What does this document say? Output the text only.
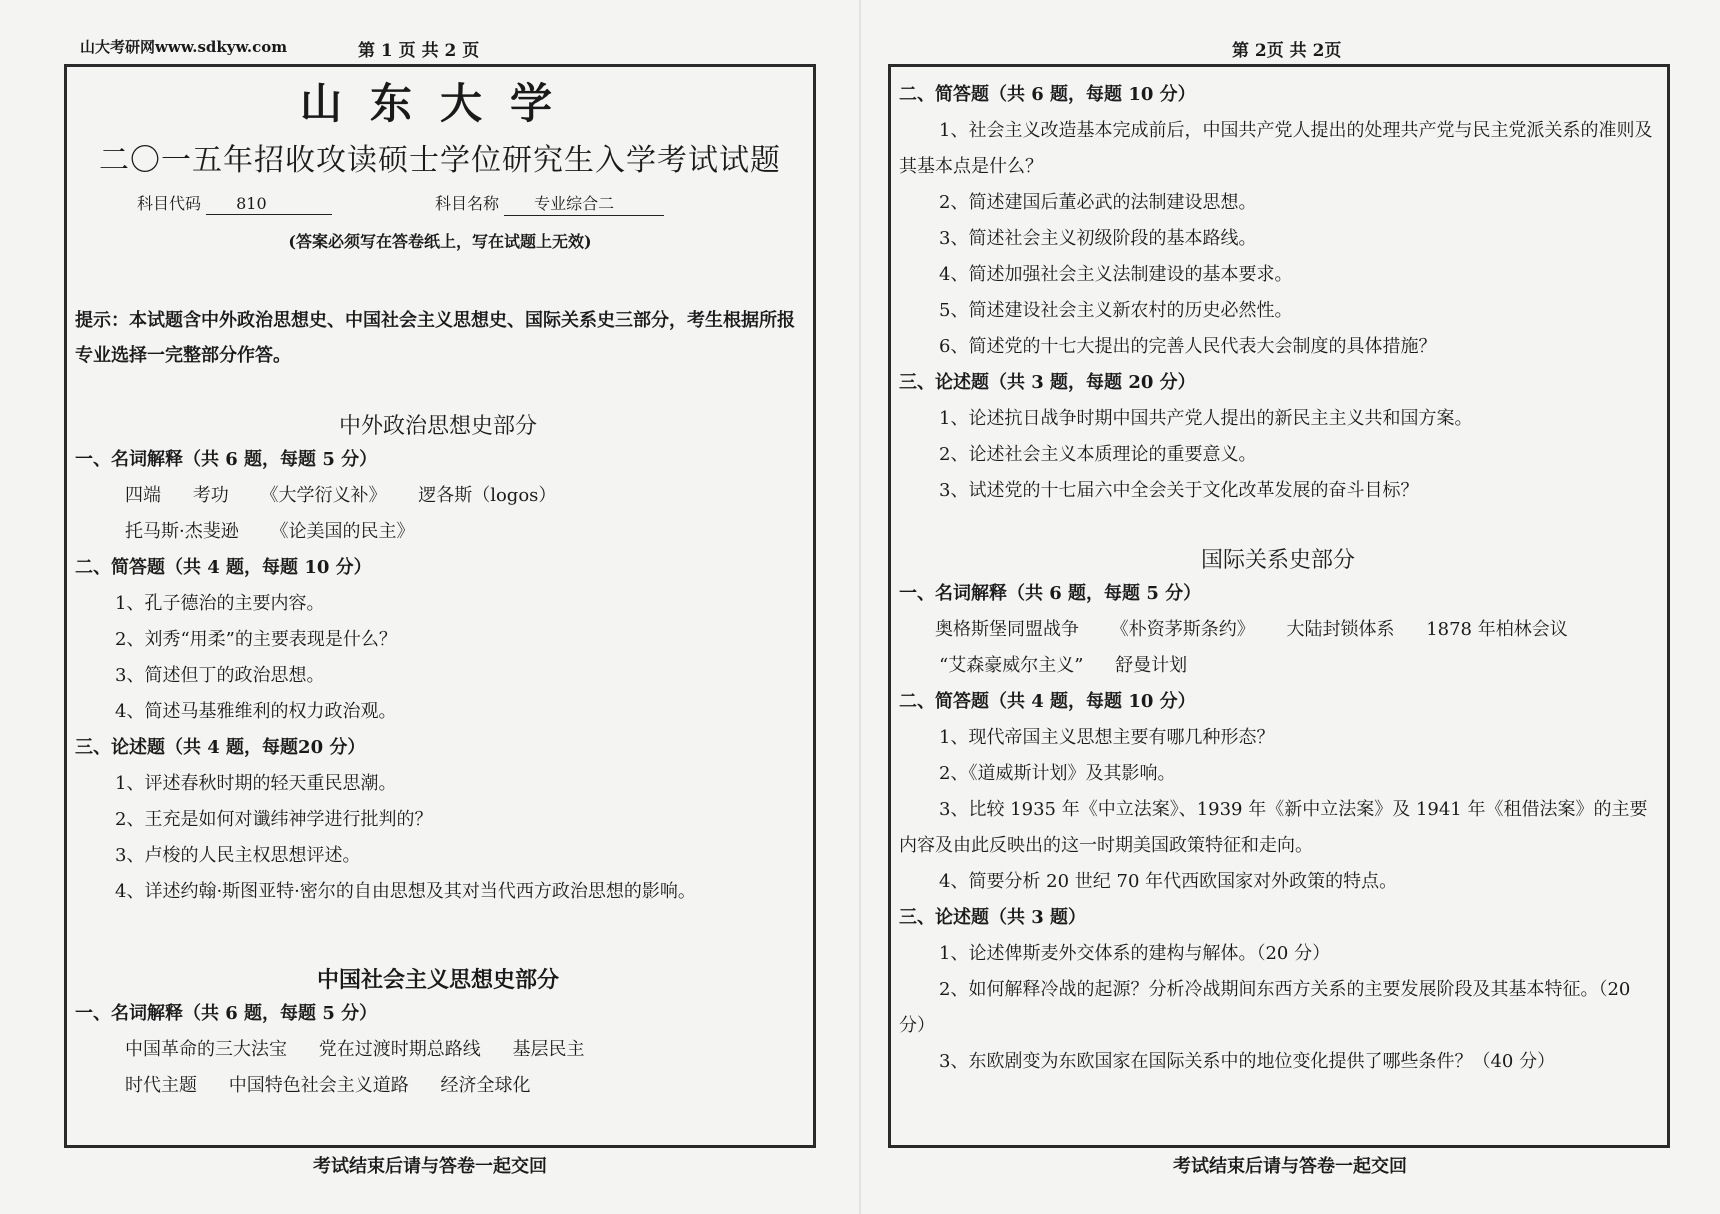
山大考研网www.sdkyw.com	第 1 页 共 2 页
山东大学
二〇一五年招收攻读硕士学位研究生入学考试试题
科目代码 810	科目名称 专业综合二
(答案必须写在答卷纸上，写在试题上无效)

提示：本试题含中外政治思想史、中国社会主义思想史、国际关系史三部分，考生根据所报专业选择一完整部分作答。

中外政治思想史部分

一、名词解释（共 6 题，每题 5 分）

四端 考功 《大学衍义补》 逻各斯（logos）

托马斯·杰斐逊 《论美国的民主》

二、简答题（共 4 题，每题 10 分）

1、孔子德治的主要内容。

2、刘秀“用柔”的主要表现是什么？

3、简述但丁的政治思想。

4、简述马基雅维利的权力政治观。

三、论述题（共 4 题，每题20 分）

1、评述春秋时期的轻天重民思潮。

2、王充是如何对谶纬神学进行批判的？

3、卢梭的人民主权思想评述。

4、详述约翰·斯图亚特·密尔的自由思想及其对当代西方政治思想的影响。

中国社会主义思想史部分

一、名词解释（共 6 题，每题 5 分）

中国革命的三大法宝 党在过渡时期总路线 基层民主

时代主题 中国特色社会主义道路 经济全球化

考试结束后请与答卷一起交回
第 2页 共 2页

二、简答题（共 6 题，每题 10 分）

1、社会主义改造基本完成前后，中国共产党人提出的处理共产党与民主党派关系的准则及其基本点是什么？

2、简述建国后董必武的法制建设思想。

3、简述社会主义初级阶段的基本路线。

4、简述加强社会主义法制建设的基本要求。

5、简述建设社会主义新农村的历史必然性。

6、简述党的十七大提出的完善人民代表大会制度的具体措施？

三、论述题（共 3 题，每题 20 分）

1、论述抗日战争时期中国共产党人提出的新民主主义共和国方案。

2、论述社会主义本质理论的重要意义。

3、试述党的十七届六中全会关于文化改革发展的奋斗目标？

国际关系史部分

一、名词解释（共 6 题，每题 5 分）

奥格斯堡同盟战争 《朴资茅斯条约》 大陆封锁体系 1878 年柏林会议

“艾森豪威尔主义” 舒曼计划

二、简答题（共 4 题，每题 10 分）

1、现代帝国主义思想主要有哪几种形态？

2、《道威斯计划》及其影响。

3、比较 1935 年《中立法案》、1939 年《新中立法案》及 1941 年《租借法案》的主要内容及由此反映出的这一时期美国政策特征和走向。

4、简要分析 20 世纪 70 年代西欧国家对外政策的特点。

三、论述题（共 3 题）

1、论述俾斯麦外交体系的建构与解体。（20 分）

2、如何解释冷战的起源？分析冷战期间东西方关系的主要发展阶段及其基本特征。（20 分）

3、东欧剧变为东欧国家在国际关系中的地位变化提供了哪些条件？（40 分）

考试结束后请与答卷一起交回
